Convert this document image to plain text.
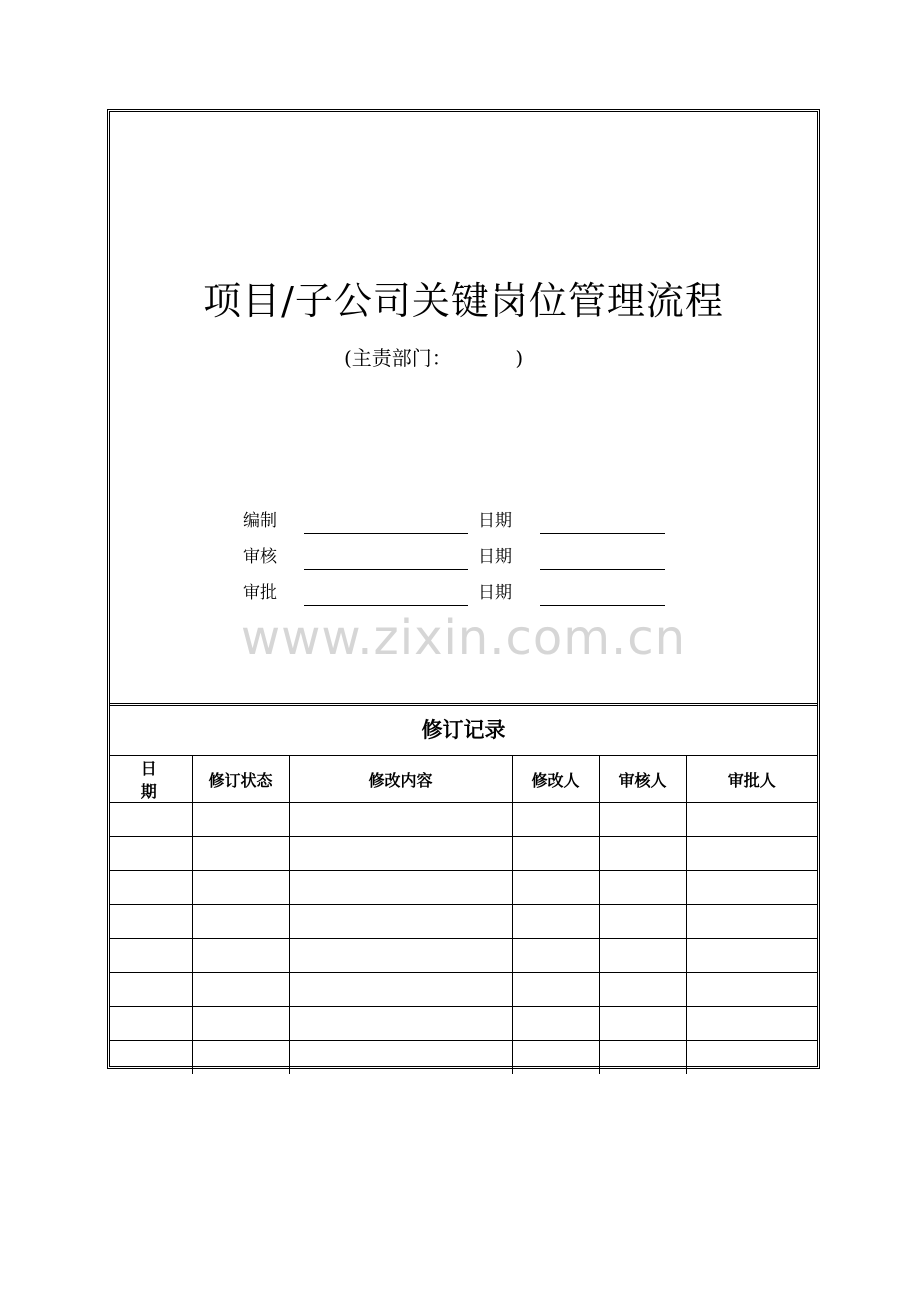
项目/子公司关键岗位管理流程
(主责部门：          )
编制	日期
审核	日期
审批	日期
www.zixin.com.cn
修订记录
日期	修订状态	修改内容	修改人	审核人	审批人
